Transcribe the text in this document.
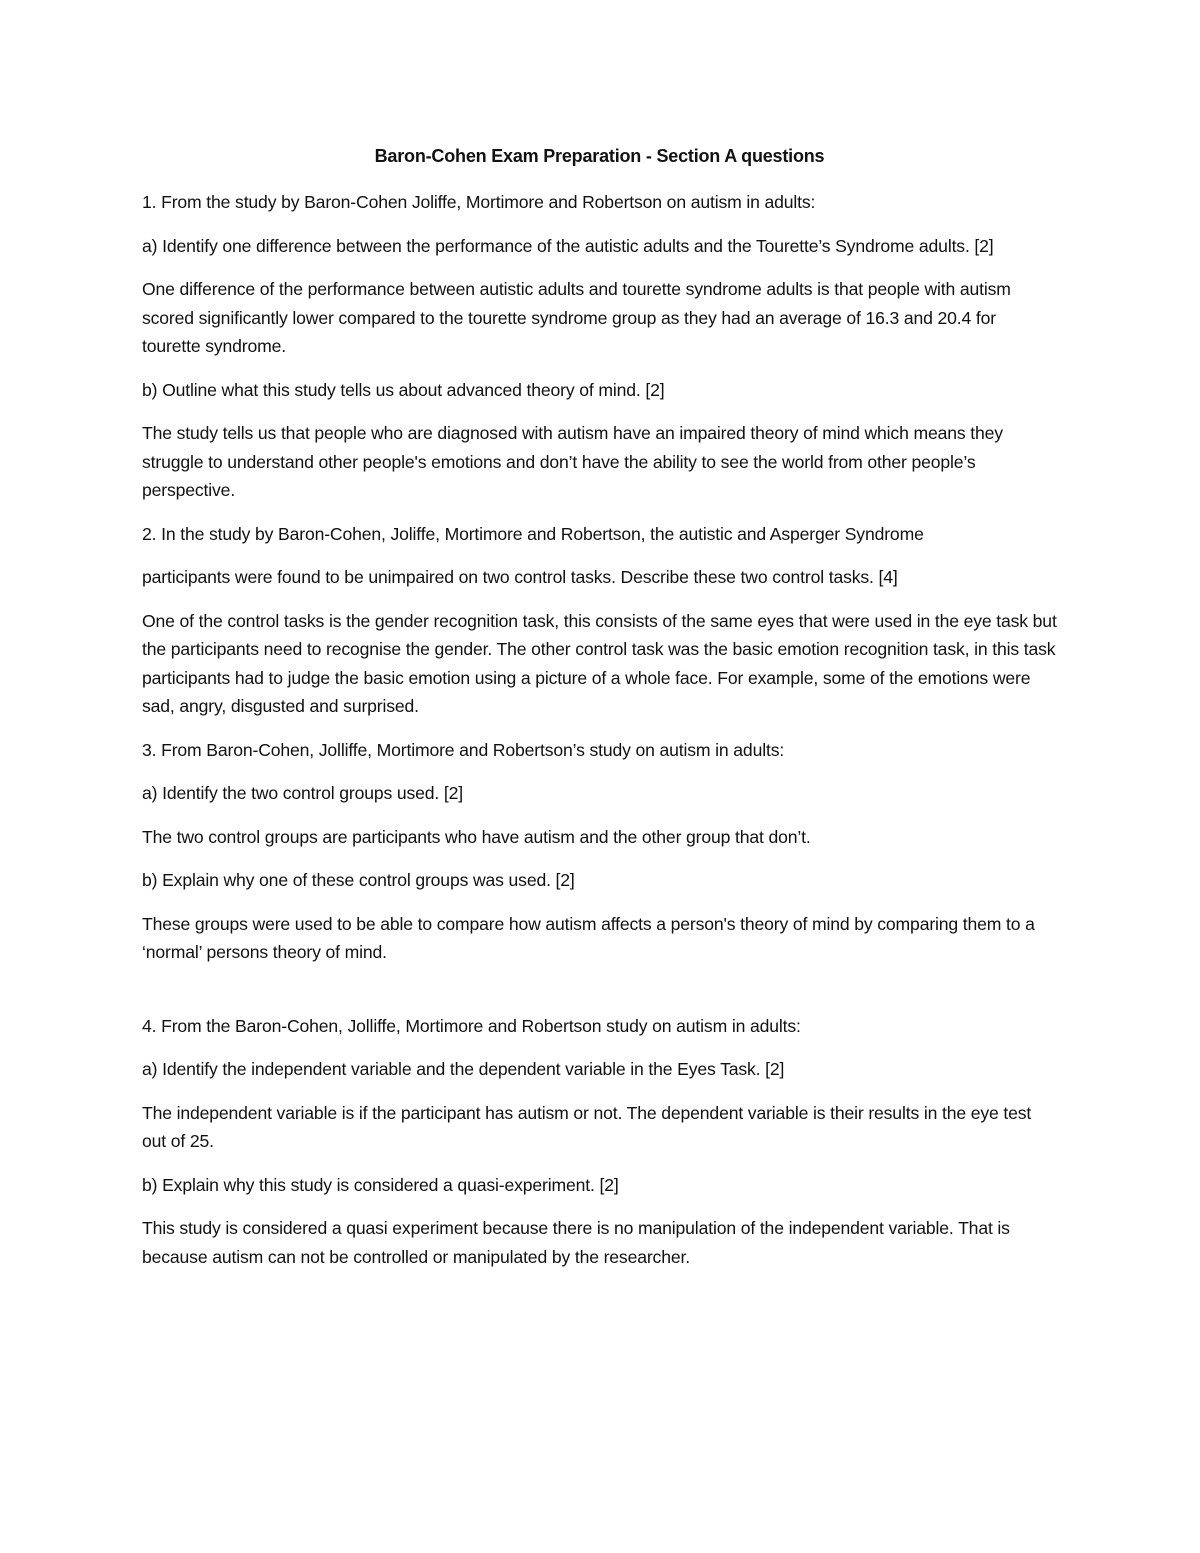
Baron-Cohen Exam Preparation - Section A questions

1. From the study by Baron-Cohen Joliffe, Mortimore and Robertson on autism in adults:

a) Identify one difference between the performance of the autistic adults and the Tourette’s Syndrome adults. [2]

One difference of the performance between autistic adults and tourette syndrome adults is that people with autism scored significantly lower compared to the tourette syndrome group as they had an average of 16.3 and 20.4 for tourette syndrome.

b) Outline what this study tells us about advanced theory of mind. [2]

The study tells us that people who are diagnosed with autism have an impaired theory of mind which means they struggle to understand other people's emotions and don’t have the ability to see the world from other people’s perspective.

2. In the study by Baron-Cohen, Joliffe, Mortimore and Robertson, the autistic and Asperger Syndrome

participants were found to be unimpaired on two control tasks. Describe these two control tasks. [4]

One of the control tasks is the gender recognition task, this consists of the same eyes that were used in the eye task but the participants need to recognise the gender. The other control task was the basic emotion recognition task, in this task participants had to judge the basic emotion using a picture of a whole face. For example, some of the emotions were sad, angry, disgusted and surprised.

3. From Baron-Cohen, Jolliffe, Mortimore and Robertson’s study on autism in adults:

a) Identify the two control groups used. [2]

The two control groups are participants who have autism and the other group that don’t.

b) Explain why one of these control groups was used. [2]

These groups were used to be able to compare how autism affects a person's theory of mind by comparing them to a ‘normal’ persons theory of mind.

4. From the Baron-Cohen, Jolliffe, Mortimore and Robertson study on autism in adults:

a) Identify the independent variable and the dependent variable in the Eyes Task. [2]

The independent variable is if the participant has autism or not. The dependent variable is their results in the eye test out of 25.

b) Explain why this study is considered a quasi-experiment. [2]

This study is considered a quasi experiment because there is no manipulation of the independent variable. That is because autism can not be controlled or manipulated by the researcher.
